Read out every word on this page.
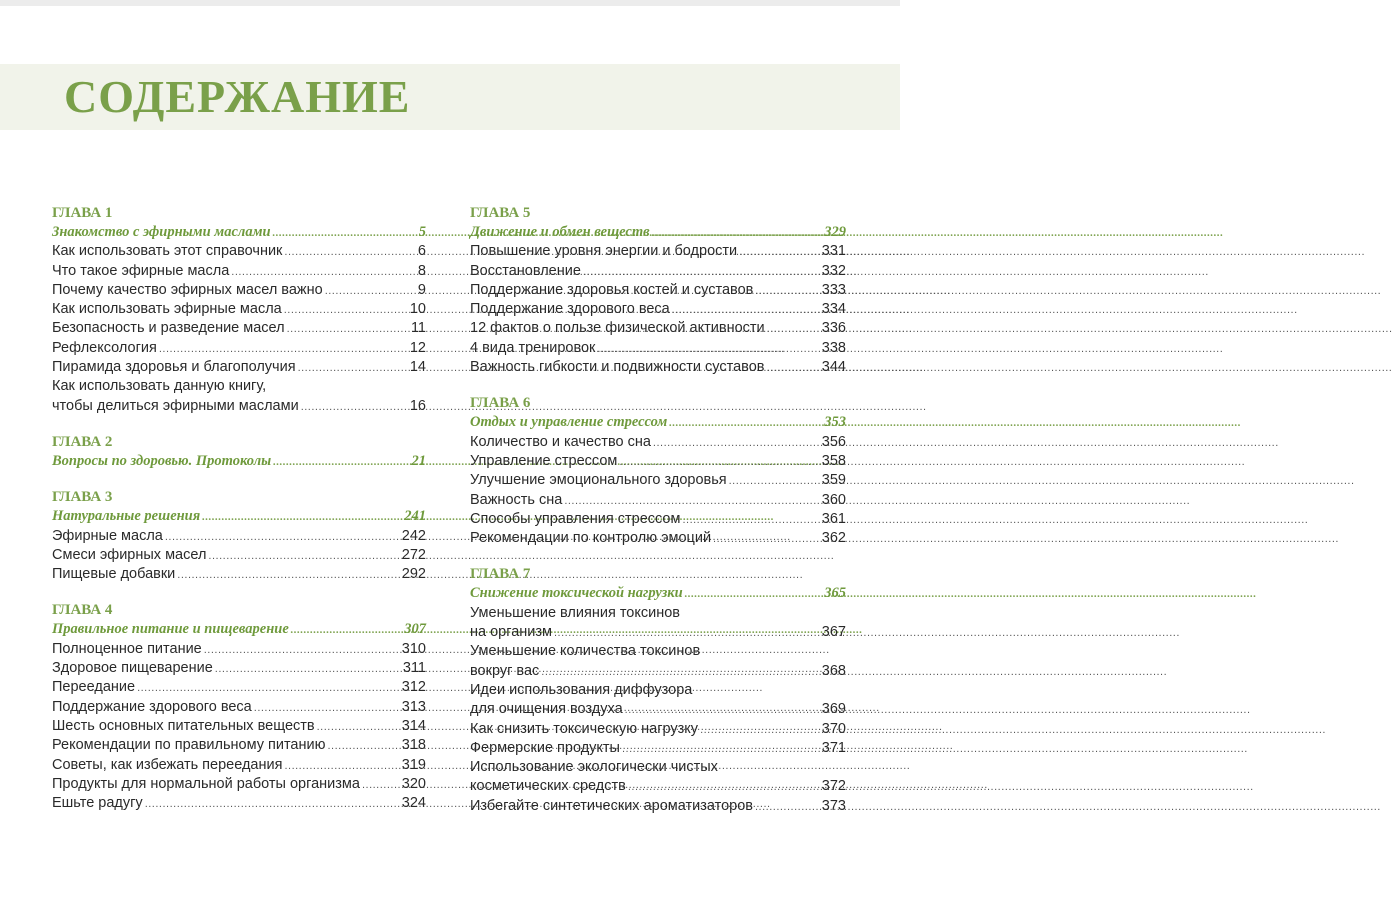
СОДЕРЖАНИЕ
ГЛАВА 1
Знакомство с эфирными маслами .....	5
Как использовать этот справочник .....	6
Что такое эфирные масла .....	8
Почему качество эфирных масел важно .....	9
Как использовать эфирные масла .....	10
Безопасность и разведение масел .....	11
Рефлексология .....	12
Пирамида здоровья и благополучия .....	14
Как использовать данную книгу,
чтобы делиться эфирными маслами .....	16
ГЛАВА 2
Вопросы по здоровью. Протоколы .....	21
ГЛАВА 3
Натуральные решения .....	241
Эфирные масла .....	242
Смеси эфирных масел .....	272
Пищевые добавки .....	292
ГЛАВА 4
Правильное питание и пищеварение .....	307
Полноценное питание .....	310
Здоровое пищеварение .....	311
Переедание .....	312
Поддержание здорового веса .....	313
Шесть основных питательных веществ .....	314
Рекомендации по правильному питанию .....	318
Советы, как избежать переедания .....	319
Продукты для нормальной работы организма .....	320
Ешьте радугу .....	324
ГЛАВА 5
Движение и обмен веществ .....	329
Повышение уровня энергии и бодрости .....	331
Восстановление .....	332
Поддержание здоровья костей и суставов .....	333
Поддержание здорового веса .....	334
12 фактов о пользе физической активности .....	336
4 вида тренировок .....	338
Важность гибкости и подвижности суставов .....	344
ГЛАВА 6
Отдых и управление стрессом .....	353
Количество и качество сна .....	356
Управление стрессом .....	358
Улучшение эмоционального здоровья .....	359
Важность сна .....	360
Способы управления стрессом .....	361
Рекомендации по контролю эмоций .....	362
ГЛАВА 7
Снижение токсической нагрузки .....	365
Уменьшение влияния токсинов
на организм .....	367
Уменьшение количества токсинов
вокруг вас .....	368
Идеи использования диффузора
для очищения воздуха .....	369
Как снизить токсическую нагрузку .....	370
Фермерские продукты .....	371
Использование экологически чистых
косметических средств .....	372
Избегайте синтетических ароматизаторов .....	373
